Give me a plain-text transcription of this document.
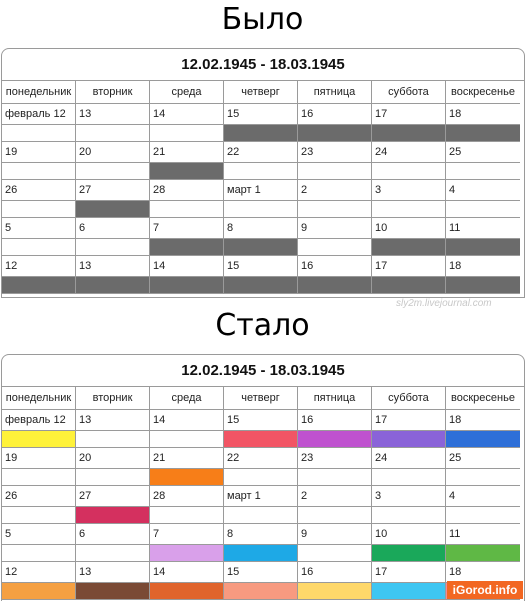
Было
12.02.1945 - 18.03.1945
понедельник	вторник	среда	четверг	пятница	суббота	воскресенье
февраль 12	13	14	15	16	17	18
19	20	21	22	23	24	25
26	27	28	март 1	2	3	4
5	6	7	8	9	10	11
12	13	14	15	16	17	18
sly2m.livejournal.com
Стало
12.02.1945 - 18.03.1945
понедельник	вторник	среда	четверг	пятница	суббота	воскресенье
февраль 12	13	14	15	16	17	18
19	20	21	22	23	24	25
26	27	28	март 1	2	3	4
5	6	7	8	9	10	11
12	13	14	15	16	17	18
iGorod.info
